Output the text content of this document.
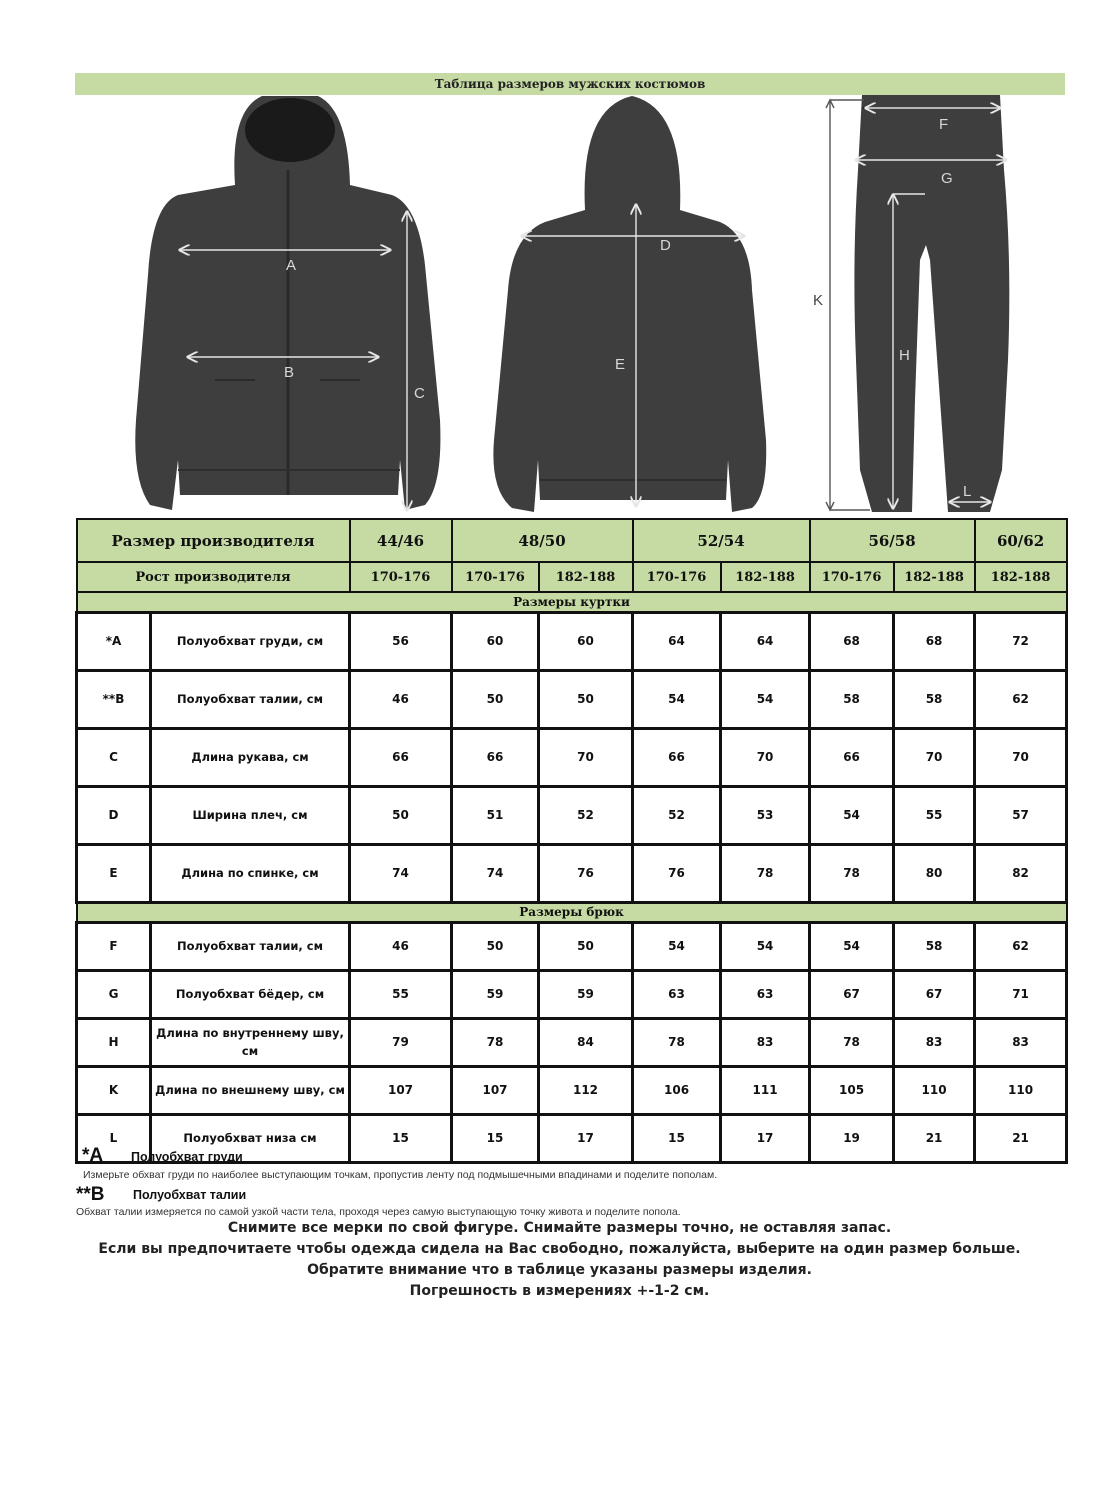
Таблица размеров мужских костюмов
A
B
C
D
E
F
G
H
K
L
Размер производителя		44/46	48/50		52/54		56/58		60/62
Рост производителя		170-176	170-176	182-188	170-176	182-188	170-176	182-188	182-188
Размеры куртки									
*A	Полуобхват груди, см	56	60	60	64	64	68	68	72
**B	Полуобхват талии, см	46	50	50	54	54	58	58	62
C	Длина рукава, см	66	66	70	66	70	66	70	70
D	Ширина плеч, см	50	51	52	52	53	54	55	57
E	Длина по спинке, см	74	74	76	76	78	78	80	82
Размеры брюк									
F	Полуобхват талии, см	46	50	50	54	54	54	58	62
G	Полуобхват бёдер, см	55	59	59	63	63	67	67	71
H	Длина по внутреннему шву, см	79	78	84	78	83	78	83	83
K	Длина по внешнему шву, см	107	107	112	106	111	105	110	110
L	Полуобхват низа см	15	15	17	15	17	19	21	21
*A Полуобхват груди
Измерьте обхват груди по наиболее выступающим точкам, пропустив ленту под подмышечными впадинами и поделите пополам.
**B Полуобхват талии
Обхват талии измеряется по самой узкой части тела, проходя через самую выступающую точку живота и поделите попола.
Снимите все мерки по свой фигуре. Снимайте размеры точно, не оставляя запас.
Если вы предпочитаете чтобы одежда сидела на Вас свободно, пожалуйста, выберите на один размер больше.
Обратите внимание что в таблице указаны размеры изделия.
Погрешность в измерениях +-1-2 см.
